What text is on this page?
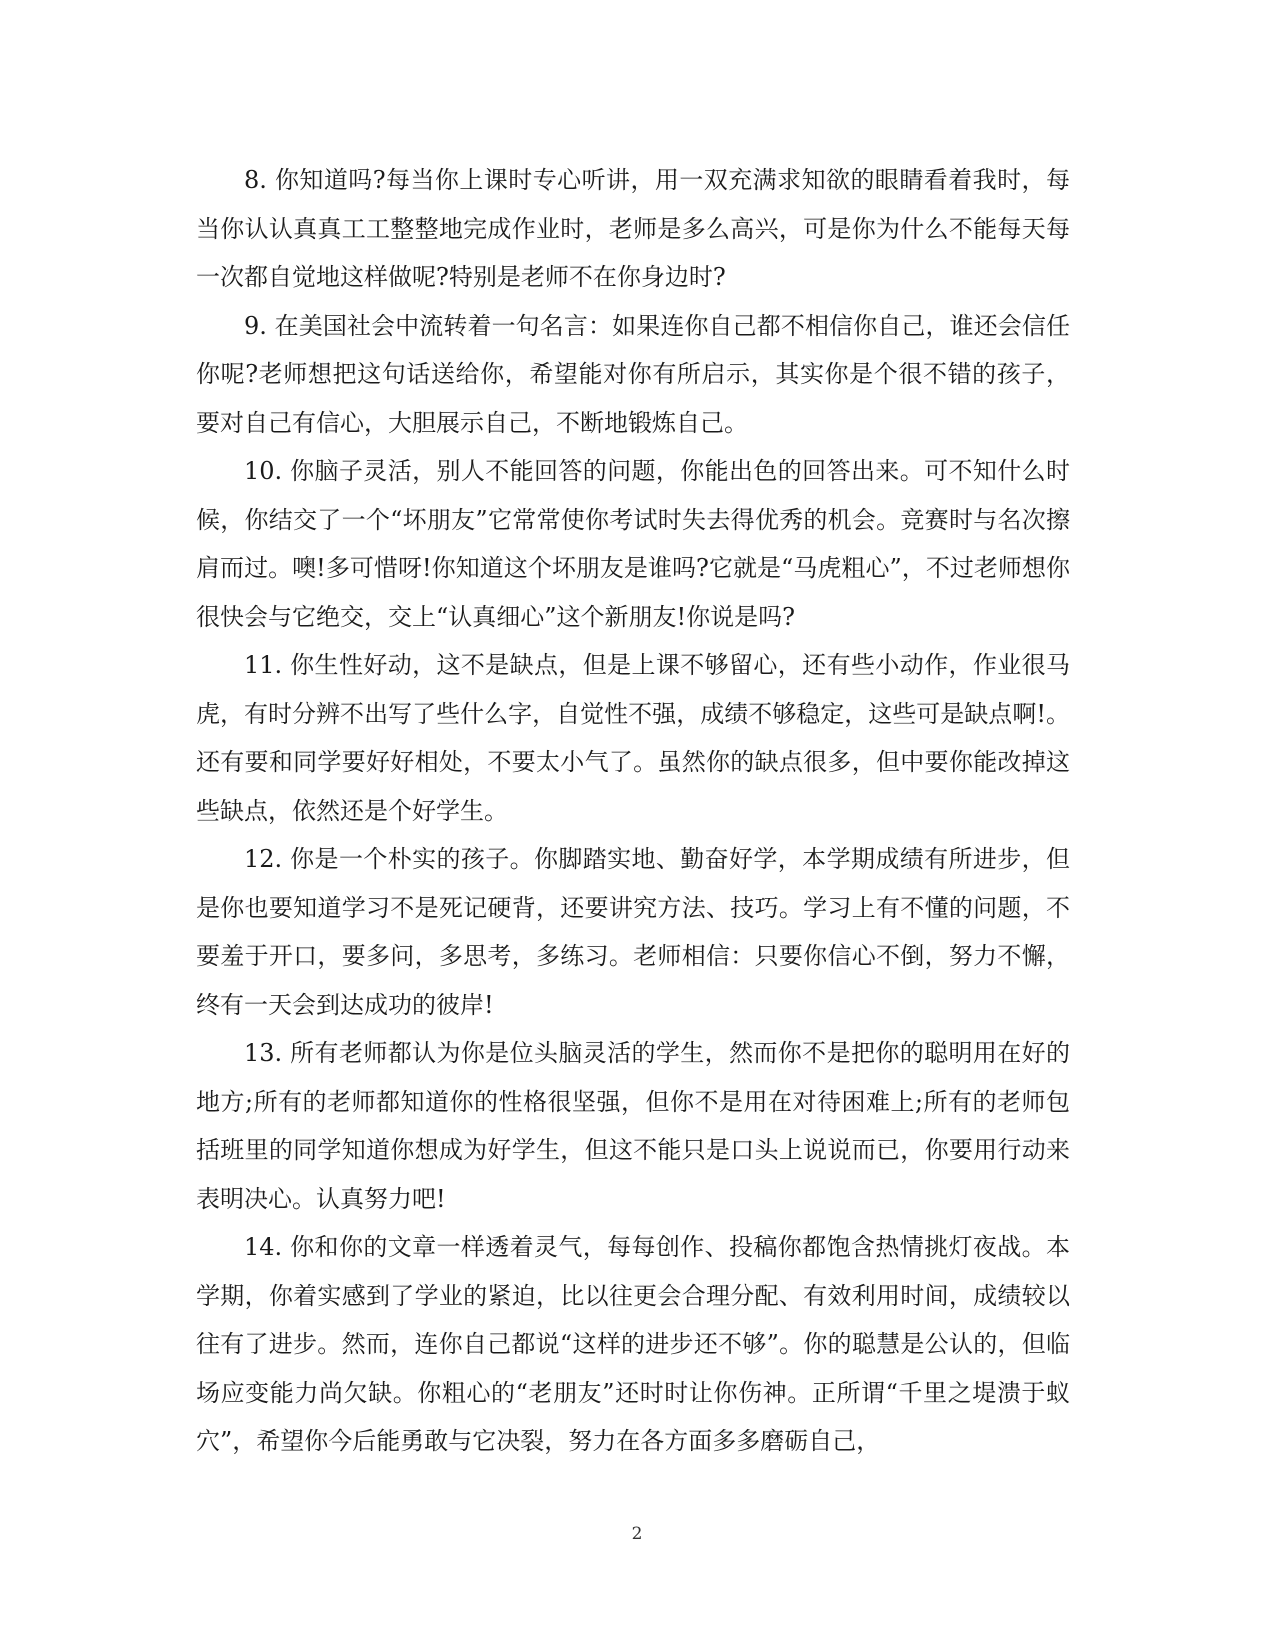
8. 你知道吗?每当你上课时专心听讲，用一双充满求知欲的眼睛看着我时，每当你认认真真工工整整地完成作业时，老师是多么高兴，可是你为什么不能每天每一次都自觉地这样做呢?特别是老师不在你身边时?

9. 在美国社会中流转着一句名言：如果连你自己都不相信你自己，谁还会信任你呢?老师想把这句话送给你，希望能对你有所启示，其实你是个很不错的孩子，要对自己有信心，大胆展示自己，不断地锻炼自己。

10. 你脑子灵活，别人不能回答的问题，你能出色的回答出来。可不知什么时候，你结交了一个“坏朋友”它常常使你考试时失去得优秀的机会。竞赛时与名次擦肩而过。噢!多可惜呀!你知道这个坏朋友是谁吗?它就是“马虎粗心”，不过老师想你很快会与它绝交，交上“认真细心”这个新朋友!你说是吗?

11. 你生性好动，这不是缺点，但是上课不够留心，还有些小动作，作业很马虎，有时分辨不出写了些什么字，自觉性不强，成绩不够稳定，这些可是缺点啊!。还有要和同学要好好相处，不要太小气了。虽然你的缺点很多，但中要你能改掉这些缺点，依然还是个好学生。

12. 你是一个朴实的孩子。你脚踏实地、勤奋好学，本学期成绩有所进步，但是你也要知道学习不是死记硬背，还要讲究方法、技巧。学习上有不懂的问题，不要羞于开口，要多问，多思考，多练习。老师相信：只要你信心不倒，努力不懈，终有一天会到达成功的彼岸!

13. 所有老师都认为你是位头脑灵活的学生，然而你不是把你的聪明用在好的地方;所有的老师都知道你的性格很坚强，但你不是用在对待困难上;所有的老师包括班里的同学知道你想成为好学生，但这不能只是口头上说说而已，你要用行动来表明决心。认真努力吧!

14. 你和你的文章一样透着灵气，每每创作、投稿你都饱含热情挑灯夜战。本学期，你着实感到了学业的紧迫，比以往更会合理分配、有效利用时间，成绩较以往有了进步。然而，连你自己都说“这样的进步还不够”。你的聪慧是公认的，但临场应变能力尚欠缺。你粗心的“老朋友”还时时让你伤神。正所谓“千里之堤溃于蚁穴”，希望你今后能勇敢与它决裂，努力在各方面多多磨砺自己，

2
